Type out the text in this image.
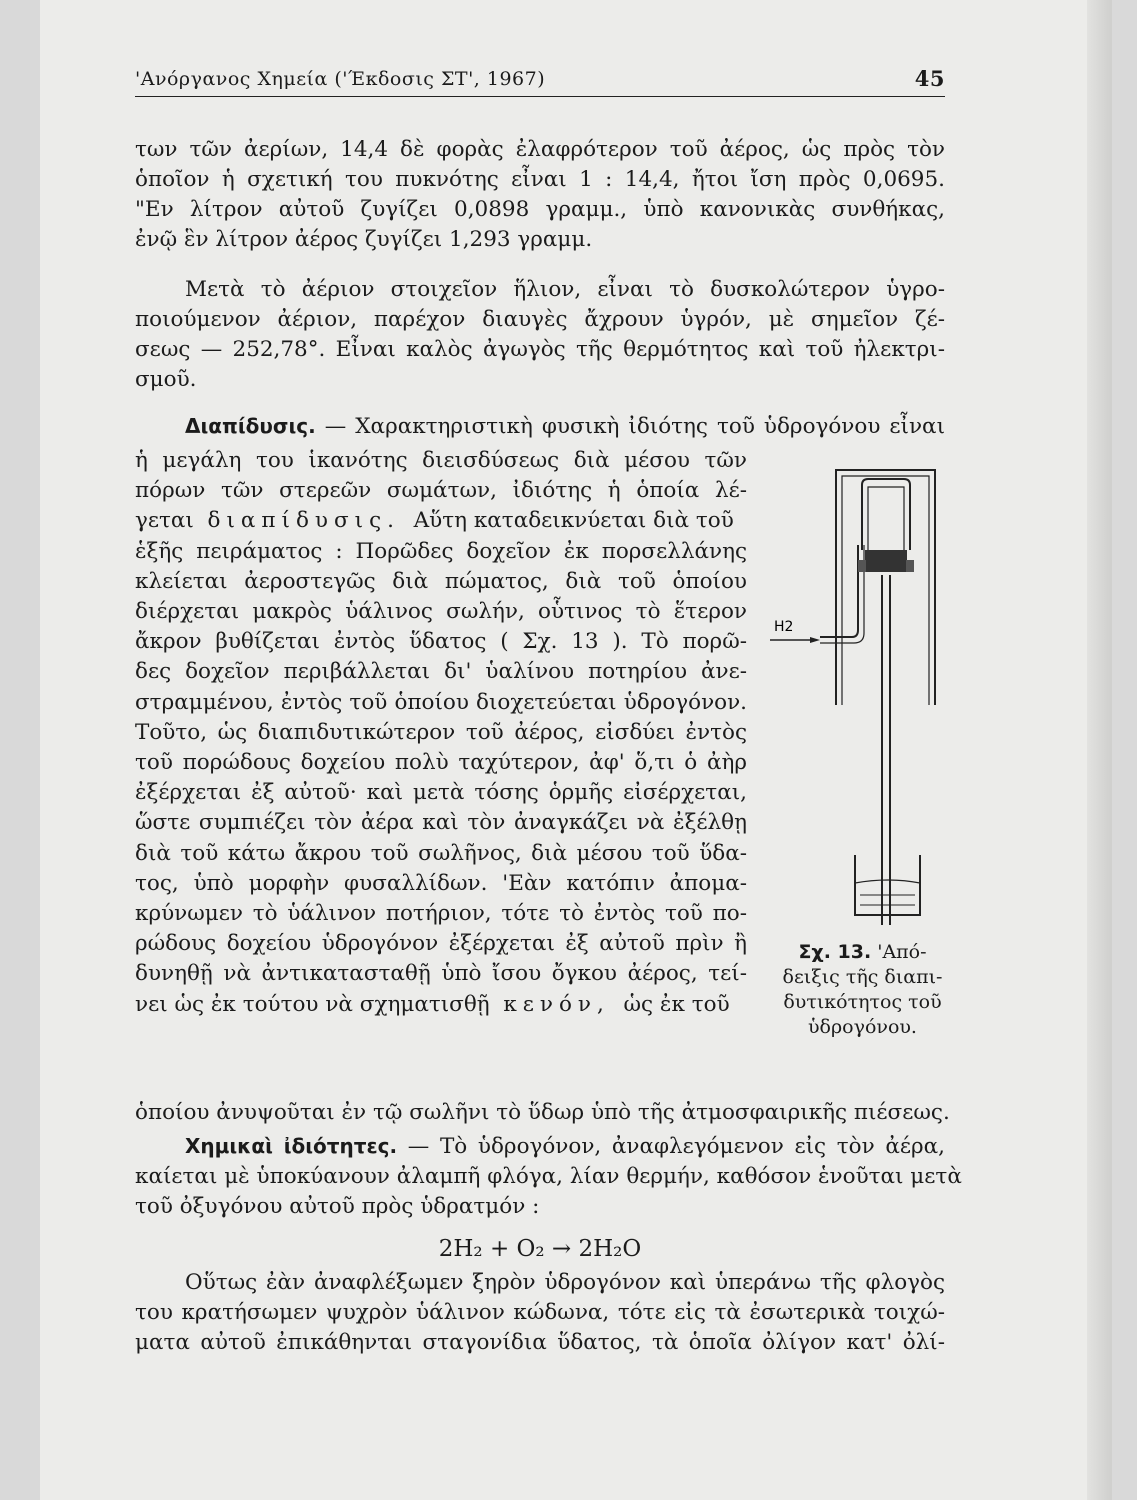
'Ανόργανος Χημεία ('Έκδοσις ΣΤ', 1967)	45
των τῶν ἀερίων, 14,4 δὲ φορὰς ἐλαφρότερον τοῦ ἀέρος, ὡς πρὸς τὸν
ὁποῖον ἡ σχετική του πυκνότης εἶναι 1 : 14,4, ἤτοι ἴση πρὸς 0,0695.
"Εν λίτρον αὐτοῦ ζυγίζει 0,0898 γραμμ., ὑπὸ κανονικὰς συνθήκας,
ἐνῷ ἓν λίτρον ἀέρος ζυγίζει 1,293 γραμμ.
Μετὰ τὸ ἀέριον στοιχεῖον ἥλιον, εἶναι τὸ δυσκολώτερον ὑγρο-
ποιούμενον ἀέριον, παρέχον διαυγὲς ἄχρουν ὑγρόν, μὲ σημεῖον ζέ-
σεως — 252,78°. Εἶναι καλὸς ἀγωγὸς τῆς θερμότητος καὶ τοῦ ἠλεκτρι-
σμοῦ.
Διαπίδυσις. — Χαρακτηριστικὴ φυσικὴ ἰδιότης τοῦ ὑδρογόνου εἶναι
ἡ μεγάλη του ἱκανότης διεισδύσεως διὰ μέσου τῶν
πόρων τῶν στερεῶν σωμάτων, ἰδιότης ἡ ὁποία λέ-
γεται διαπίδυσις. Αὕτη καταδεικνύεται διὰ τοῦ
ἑξῆς πειράματος : Πορῶδες δοχεῖον ἐκ πορσελλάνης
κλείεται ἀεροστεγῶς διὰ πώματος, διὰ τοῦ ὁποίου
διέρχεται μακρὸς ὑάλινος σωλήν, οὗτινος τὸ ἕτερον
ἄκρον βυθίζεται ἐντὸς ὕδατος ( Σχ. 13 ). Τὸ πορῶ-
δες δοχεῖον περιβάλλεται δι' ὑαλίνου ποτηρίου ἀνε-
στραμμένου, ἐντὸς τοῦ ὁποίου διοχετεύεται ὑδρογόνον.
Τοῦτο, ὡς διαπιδυτικώτερον τοῦ ἀέρος, εἰσδύει ἐντὸς
τοῦ πορώδους δοχείου πολὺ ταχύτερον, ἀφ' ὅ,τι ὁ ἀὴρ
ἐξέρχεται ἐξ αὐτοῦ· καὶ μετὰ τόσης ὁρμῆς εἰσέρχεται,
ὥστε συμπιέζει τὸν ἀέρα καὶ τὸν ἀναγκάζει νὰ ἐξέλθῃ
διὰ τοῦ κάτω ἄκρου τοῦ σωλῆνος, διὰ μέσου τοῦ ὕδα-
τος, ὑπὸ μορφὴν φυσαλλίδων. 'Εὰν κατόπιν ἀπομα-
κρύνωμεν τὸ ὑάλινον ποτήριον, τότε τὸ ἐντὸς τοῦ πο-
ρώδους δοχείου ὑδρογόνον ἐξέρχεται ἐξ αὐτοῦ πρὶν ἢ
δυνηθῇ νὰ ἀντικατασταθῇ ὑπὸ ἴσου ὄγκου ἀέρος, τεί-
νει ὡς ἐκ τούτου νὰ σχηματισθῇ κενόν, ὡς ἐκ τοῦ
ὁποίου ἀνυψοῦται ἐν τῷ σωλῆνι τὸ ὕδωρ ὑπὸ τῆς ἀτμοσφαιρικῆς πιέσεως.
H2
Σχ. 13. 'Από-
δειξις τῆς διαπι-
δυτικότητος τοῦ
ὑδρογόνου.
Χημικαὶ ἰδιότητες. — Τὸ ὑδρογόνον, ἀναφλεγόμενον εἰς τὸν ἀέρα,
καίεται μὲ ὑποκύανουν ἀλαμπῆ φλόγα, λίαν θερμήν, καθόσον ἑνοῦται μετὰ
τοῦ ὀξυγόνου αὐτοῦ πρὸς ὑδρατμόν :
2H₂ + O₂ → 2H₂O
Οὕτως ἐὰν ἀναφλέξωμεν ξηρὸν ὑδρογόνον καὶ ὑπεράνω τῆς φλογὸς
του κρατήσωμεν ψυχρὸν ὑάλινον κώδωνα, τότε εἰς τὰ ἐσωτερικὰ τοιχώ-
ματα αὐτοῦ ἐπικάθηνται σταγονίδια ὕδατος, τὰ ὁποῖα ὀλίγον κατ' ὀλί-
